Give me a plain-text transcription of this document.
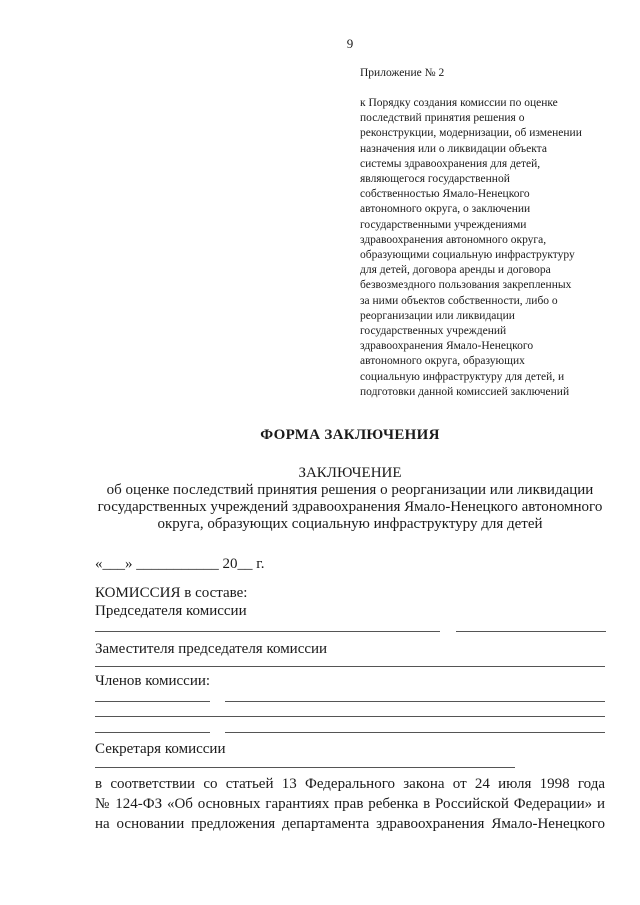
9
Приложение № 2
к Порядку создания комиссии по оценке
последствий принятия решения о
реконструкции, модернизации, об изменении
назначения или о ликвидации объекта
системы здравоохранения для детей,
являющегося государственной
собственностью Ямало-Ненецкого
автономного округа, о заключении
государственными учреждениями
здравоохранения автономного округа,
образующими социальную инфраструктуру
для детей, договора аренды и договора
безвозмездного пользования закрепленных
за ними объектов собственности, либо о
реорганизации или ликвидации
государственных учреждений
здравоохранения Ямало-Ненецкого
автономного округа, образующих
социальную инфраструктуру для детей, и
подготовки данной комиссией заключений
ФОРМА ЗАКЛЮЧЕНИЯ
ЗАКЛЮЧЕНИЕ
об оценке последствий принятия решения о реорганизации или ликвидации государственных учреждений здравоохранения Ямало-Ненецкого автономного округа, образующих социальную инфраструктуру для детей
«___» ___________ 20__ г.
КОМИССИЯ в составе:
Председателя комиссии
Заместителя председателя комиссии
Членов комиссии:
Секретаря комиссии
в соответствии со статьей 13 Федерального закона от 24 июля 1998 года
№ 124-ФЗ «Об основных гарантиях прав ребенка в Российской Федерации» и
на основании предложения департамента здравоохранения Ямало-Ненецкого
